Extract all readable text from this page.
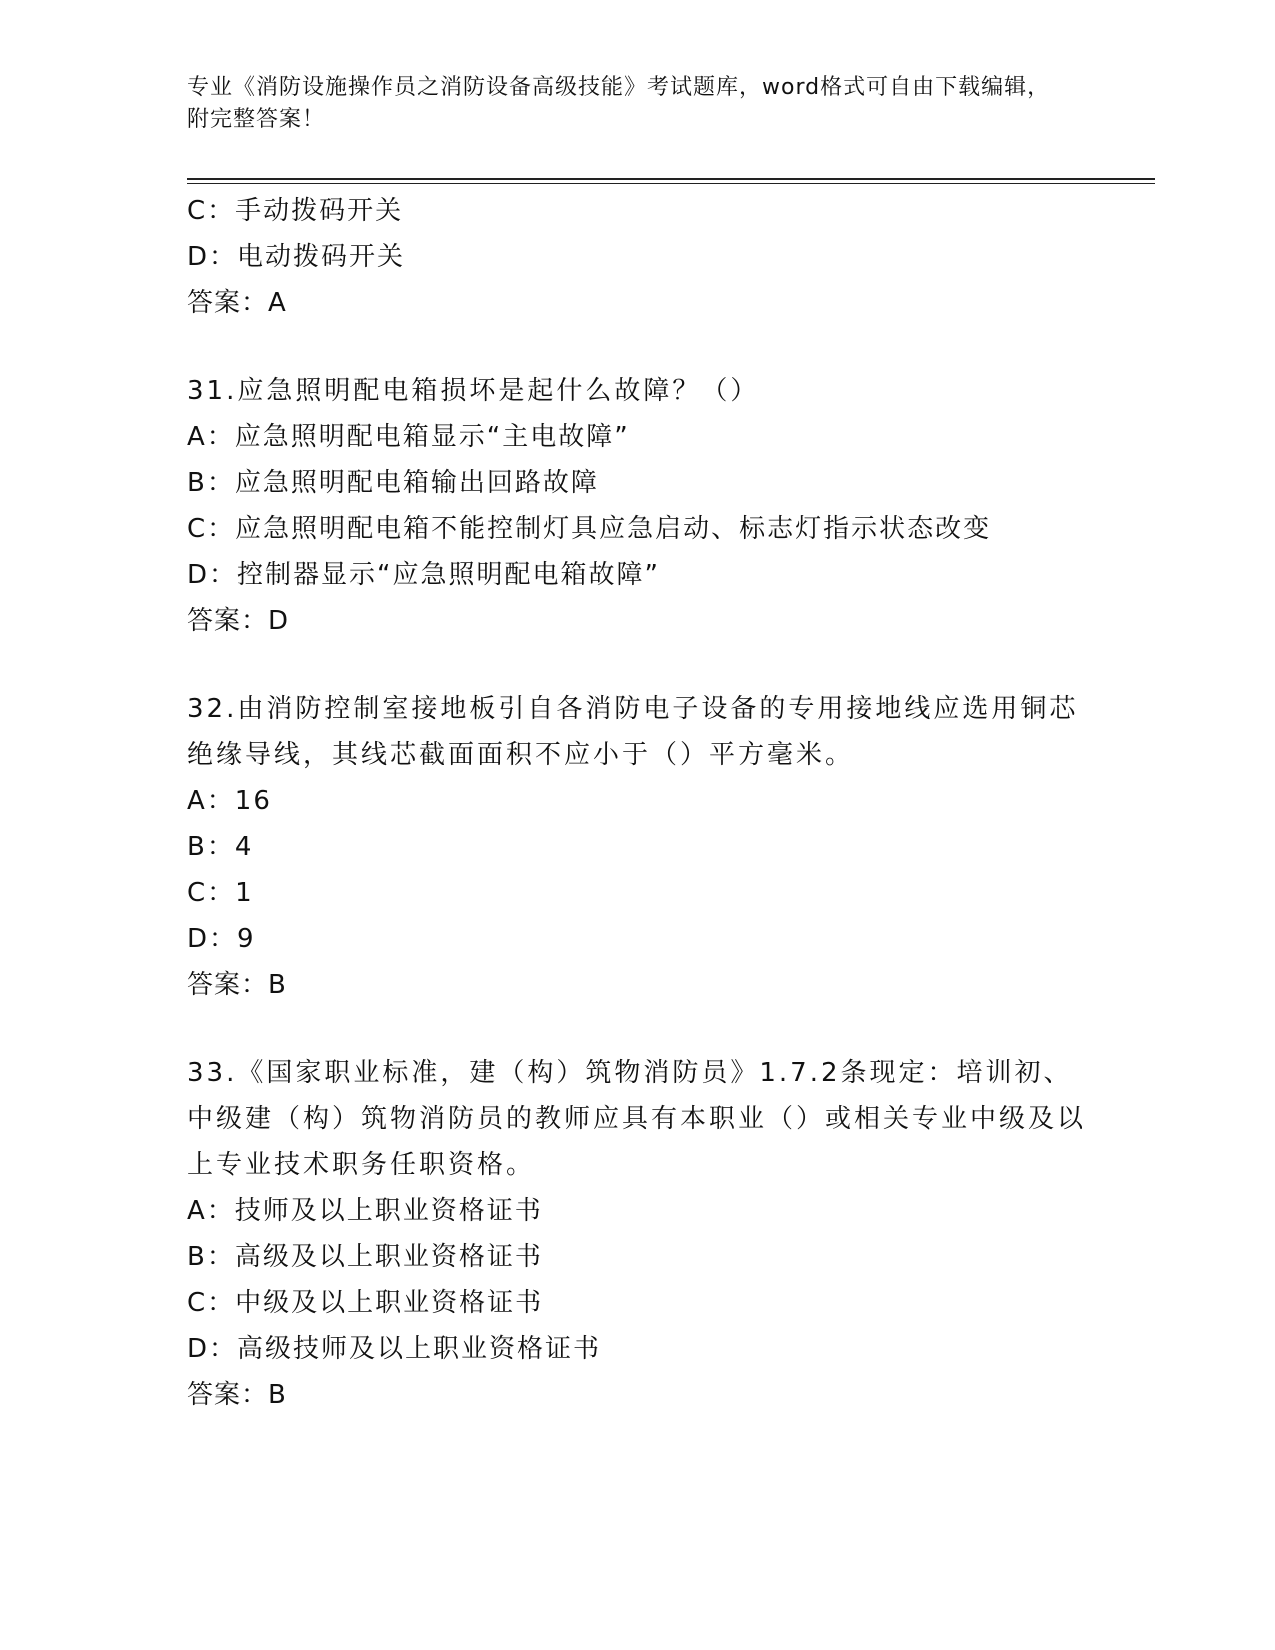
专业《消防设施操作员之消防设备高级技能》考试题库，word格式可自由下载编辑，附完整答案！
C：手动拨码开关
D：电动拨码开关
答案：A
31.应急照明配电箱损坏是起什么故障？（）
A：应急照明配电箱显示“主电故障”
B：应急照明配电箱输出回路故障
C：应急照明配电箱不能控制灯具应急启动、标志灯指示状态改变
D：控制器显示“应急照明配电箱故障”
答案：D
32.由消防控制室接地板引自各消防电子设备的专用接地线应选用铜芯绝缘导线，其线芯截面面积不应小于（）平方毫米。
A：16
B：4
C：1
D：9
答案：B
33.《国家职业标准，建（构）筑物消防员》1.7.2条现定：培训初、中级建（构）筑物消防员的教师应具有本职业（）或相关专业中级及以上专业技术职务任职资格。
A：技师及以上职业资格证书
B：高级及以上职业资格证书
C：中级及以上职业资格证书
D：高级技师及以上职业资格证书
答案：B
